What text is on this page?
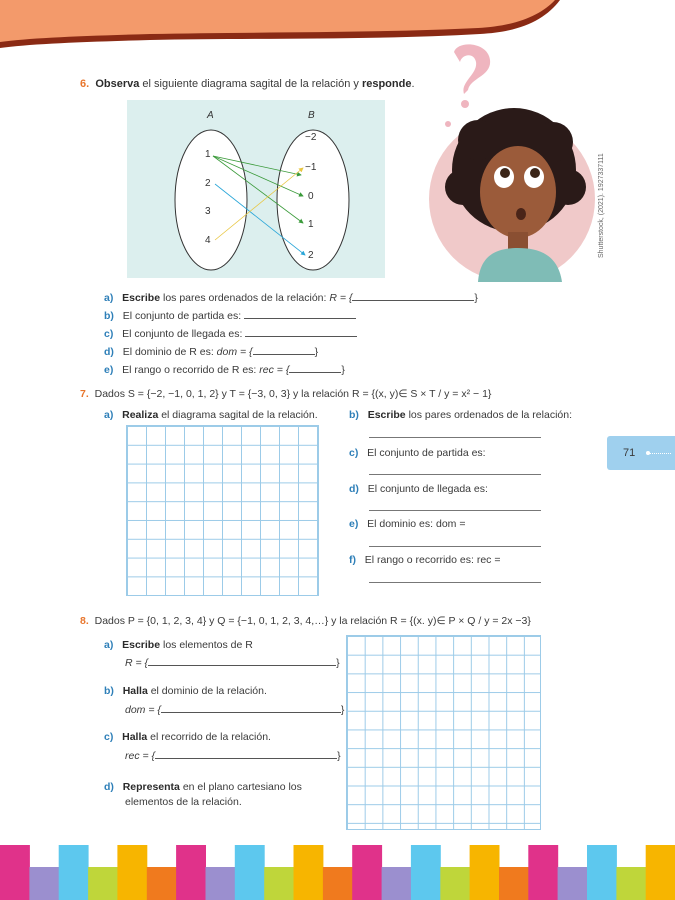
6. Observa el siguiente diagrama sagital de la relación y responde.
A	B
1
2
3
4
−2
−1
0
1
2	Shutterstock, (2021). 1927337111
a) Escribe los pares ordenados de la relación: R = {	}
b) El conjunto de partida es:
c) El conjunto de llegada es:
d) El dominio de R es: dom = {	}
e) El rango o recorrido de R es: rec = {	}
7. Dados S = {−2, −1, 0, 1, 2} y T = {−3, 0, 3} y la relación R = {(x, y)∈ S × T / y = x² − 1}
a) Realiza el diagrama sagital de la relación.	b) Escribe los pares ordenados de la relación:
c) El conjunto de partida es:
d) El conjunto de llegada es:
e) El dominio es: dom =
f) El rango o recorrido es: rec =
71
8. Dados P = {0, 1, 2, 3, 4} y Q = {−1, 0, 1, 2, 3, 4,…} y la relación R = {(x. y)∈ P × Q / y = 2x −3}
a) Escribe los elementos de R
R = {	}
b) Halla el dominio de la relación.
dom = {	}
c) Halla el recorrido de la relación.
rec = {	}
d) Representa en el plano cartesiano los
elementos de la relación.
